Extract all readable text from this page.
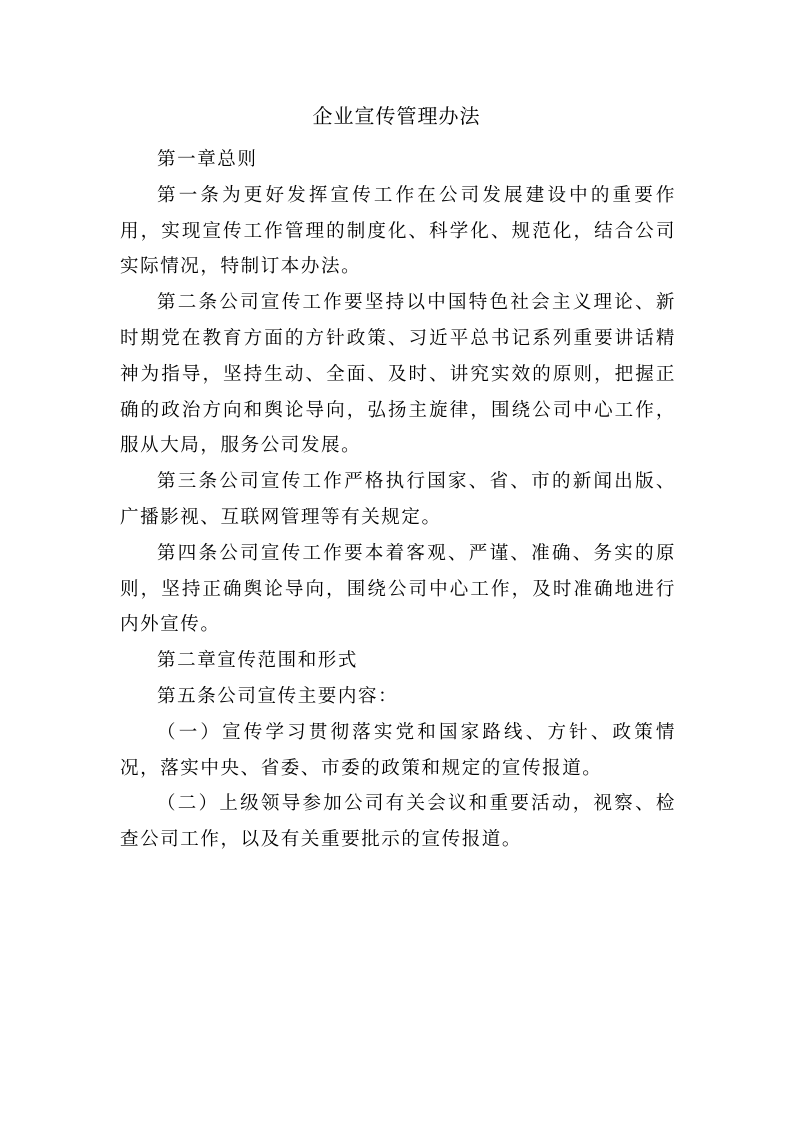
企业宣传管理办法

第一章总则

第一条为更好发挥宣传工作在公司发展建设中的重要作用，实现宣传工作管理的制度化、科学化、规范化，结合公司实际情况，特制订本办法。

第二条公司宣传工作要坚持以中国特色社会主义理论、新时期党在教育方面的方针政策、习近平总书记系列重要讲话精神为指导，坚持生动、全面、及时、讲究实效的原则，把握正确的政治方向和舆论导向，弘扬主旋律，围绕公司中心工作，服从大局，服务公司发展。

第三条公司宣传工作严格执行国家、省、市的新闻出版、广播影视、互联网管理等有关规定。

第四条公司宣传工作要本着客观、严谨、准确、务实的原则，坚持正确舆论导向，围绕公司中心工作，及时准确地进行内外宣传。

第二章宣传范围和形式

第五条公司宣传主要内容：

（一）宣传学习贯彻落实党和国家路线、方针、政策情况，落实中央、省委、市委的政策和规定的宣传报道。

（二）上级领导参加公司有关会议和重要活动，视察、检查公司工作，以及有关重要批示的宣传报道。
